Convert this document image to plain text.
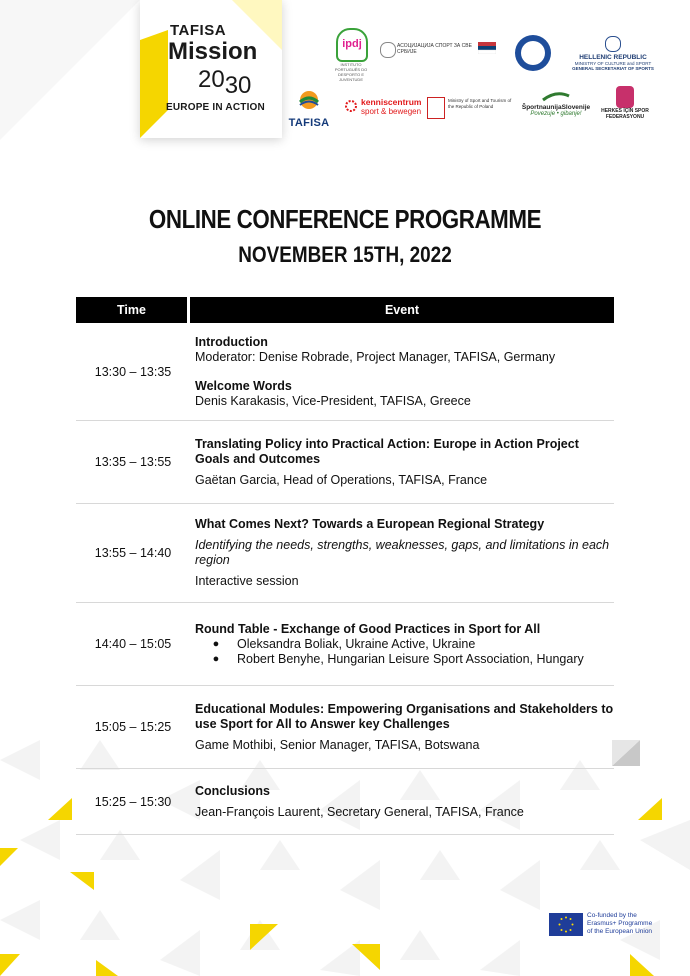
TAFISA
Mission
$20_{30}$
EUROPE IN ACTION
ipdj
INSTITUTO PORTUGUÊS DO DESPORTO E JUVENTUDE
АСОЦИЈАЦИЈА СПОРТ ЗА СВЕ СРБИЈЕ
HELLENIC REPUBLIC
MINISTRY OF CULTURE and SPORT
GENERAL SECRETARIAT OF SPORTS
TAFISA
kenniscentrum
sport & bewegen
Ministry of Sport and Tourism of the Republic of Poland	ŠportnaunijaSlovenije
Povezuje • gibanje!	HERKES İÇİN SPOR FEDERASYONU
ONLINE CONFERENCE PROGRAMME
NOVEMBER 15TH, 2022
Time	Event
13:30 – 13:35
Introduction
Moderator: Denise Robrade, Project Manager, TAFISA, Germany
Welcome Words
Denis Karakasis, Vice-President, TAFISA, Greece
13:35 – 13:55
Translating Policy into Practical Action: Europe in Action Project Goals and Outcomes
Gaëtan Garcia, Head of Operations, TAFISA, France
13:55 – 14:40
What Comes Next? Towards a European Regional Strategy
Identifying the needs, strengths, weaknesses, gaps, and limitations in each region
Interactive session
14:40 – 15:05
Round Table - Exchange of Good Practices in Sport for All
●	Oleksandra Boliak, Ukraine Active, Ukraine
●	Robert Benyhe, Hungarian Leisure Sport Association, Hungary
15:05 – 15:25
Educational Modules: Empowering Organisations and Stakeholders to use Sport for All to Answer key Challenges
Game Mothibi, Senior Manager, TAFISA, Botswana
15:25 – 15:30
Conclusions
Jean-François Laurent, Secretary General, TAFISA, France
Co-funded by the
Erasmus+ Programme
of the European Union
